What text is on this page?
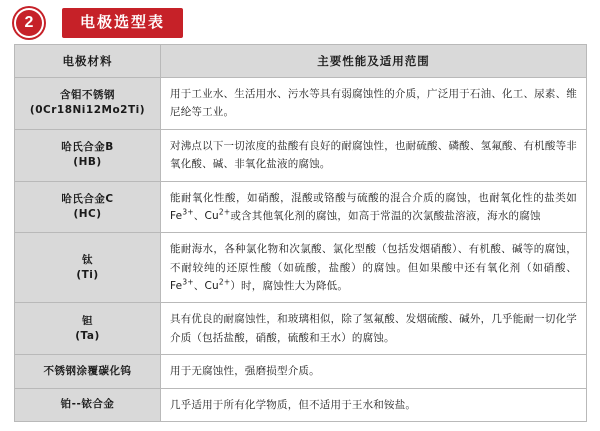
2	电极选型表
电极材料	主要性能及适用范围
含钼不锈钢
(0Cr18Ni12Mo2Ti)	用于工业水、生活用水、污水等具有弱腐蚀性的介质，广泛用于石油、化工、尿素、维尼纶等工业。
哈氏合金B
(HB)	对沸点以下一切浓度的盐酸有良好的耐腐蚀性，也耐硫酸、磷酸、氢氟酸、有机酸等非氧化酸、碱、非氧化盐液的腐蚀。
哈氏合金C
(HC)	能耐氧化性酸，如硝酸，混酸或铬酸与硫酸的混合介质的腐蚀，也耐氧化性的盐类如$Fe^{3+}$、$Cu^{2+}$或含其他氧化剂的腐蚀，如高于常温的次氯酸盐溶液，海水的腐蚀
钛
(Ti)	能耐海水，各种氯化物和次氯酸、氯化型酸（包括发烟硝酸）、有机酸、碱等的腐蚀，不耐较纯的还原性酸（如硫酸，盐酸）的腐蚀。但如果酸中还有氧化剂（如硝酸、$Fe^{3+}$、$Cu^{2+}$）时，腐蚀性大为降低。
钽
(Ta)	具有优良的耐腐蚀性，和玻璃相似，除了氢氟酸、发烟硫酸、碱外，几乎能耐一切化学介质（包括盐酸，硝酸，硫酸和王水）的腐蚀。
不锈钢涂覆碳化钨	用于无腐蚀性，强磨损型介质。
铂--铱合金	几乎适用于所有化学物质，但不适用于王水和铵盐。
